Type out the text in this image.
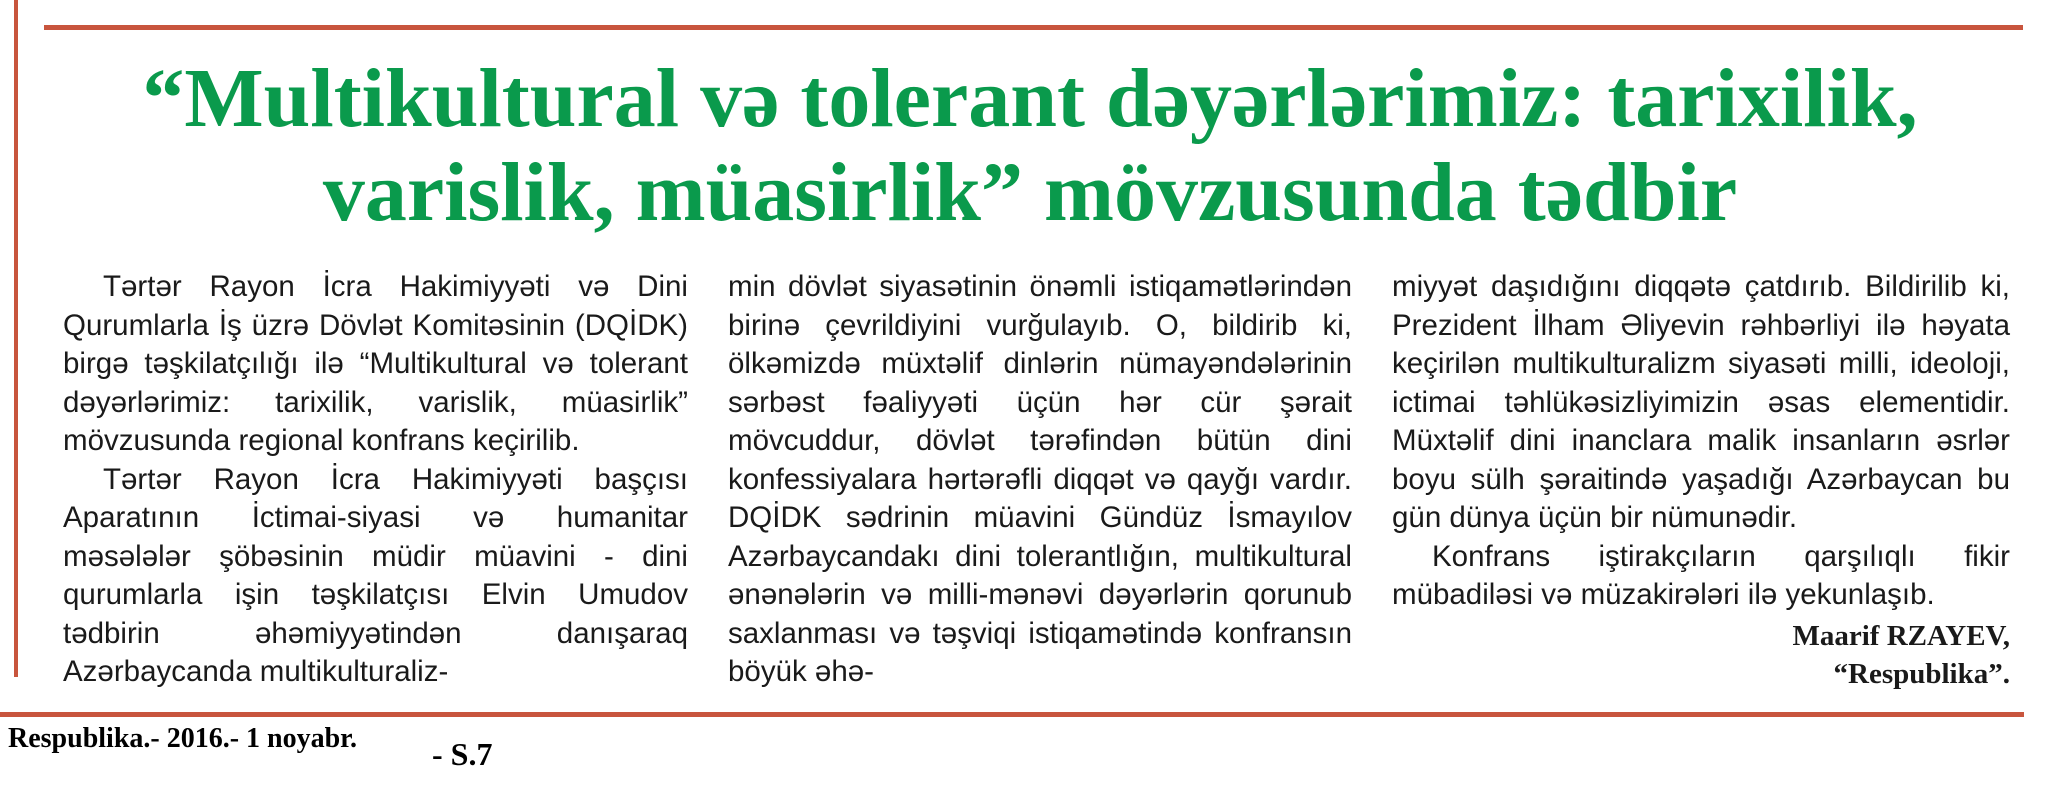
“Multikultural və tolerant dəyərlərimiz: tarixilik, varislik, müasirlik” mövzusunda tədbir

Tərtər Rayon İcra Hakimiyyəti və Dini Qurumlarla İş üzrə Dövlət Komitəsinin (DQİDK) birgə təşkilatçılığı ilə “Multikultural və tolerant dəyərlərimiz: tarixilik, varislik, müasirlik” mövzusunda regional konfrans keçirilib.

Tərtər Rayon İcra Hakimiyyəti başçısı Aparatının İctimai-siyasi və humanitar məsələlər şöbəsinin müdir müavini - dini qurumlarla işin təşkilatçısı Elvin Umudov tədbirin əhəmiyyətindən danışaraq Azərbaycanda multikulturaliz-

min dövlət siyasətinin önəmli istiqamətlərindən birinə çevrildiyini vurğulayıb. O, bildirib ki, ölkəmizdə müxtəlif dinlərin nümayəndələrinin sərbəst fəaliyyəti üçün hər cür şərait mövcuddur, dövlət tərəfindən bütün dini konfessiyalara hərtərəfli diqqət və qayğı vardır. DQİDK sədrinin müavini Gündüz İsmayılov Azərbaycandakı dini tolerantlığın, multikultural ənənələrin və milli-mənəvi dəyərlərin qorunub saxlanması və təşviqi istiqamətində konfransın böyük əhə-

miyyət daşıdığını diqqətə çatdırıb. Bildirilib ki, Prezident İlham Əliyevin rəhbərliyi ilə həyata keçirilən multikulturalizm siyasəti milli, ideoloji, ictimai təhlükəsizliyimizin əsas elementidir. Müxtəlif dini inanclara malik insanların əsrlər boyu sülh şəraitində yaşadığı Azərbaycan bu gün dünya üçün bir nümunədir.

Konfrans iştirakçıların qarşılıqlı fikir mübadiləsi və müzakirələri ilə yekunlaşıb.

Maarif RZAYEV,
“Respublika”.
Respublika.- 2016.- 1 noyabr. - S.7
